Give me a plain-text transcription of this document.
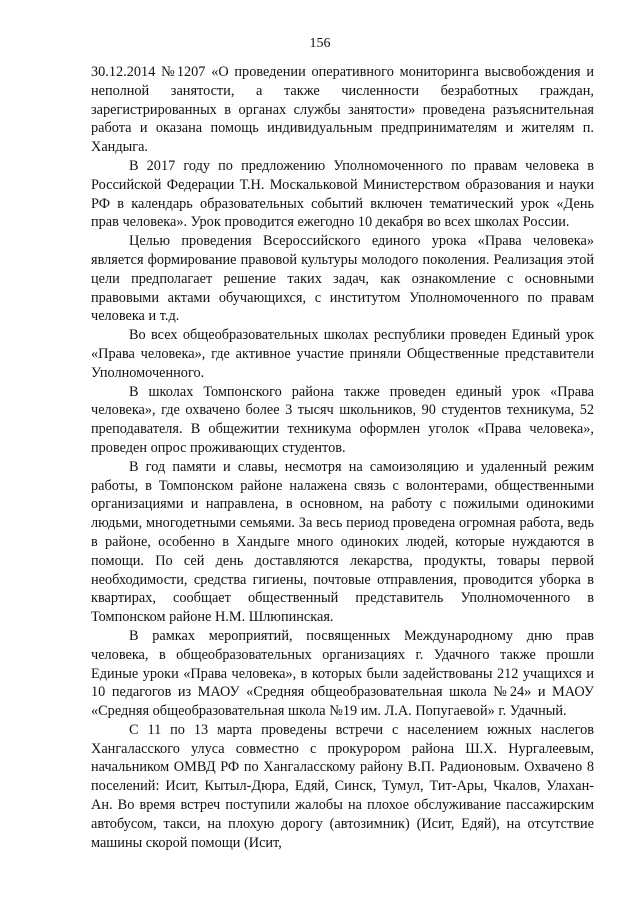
156

30.12.2014 №1207 «О проведении оперативного мониторинга высвобождения и неполной занятости, а также численности безработных граждан, зарегистрированных в органах службы занятости» проведена разъяснительная работа и оказана помощь индивидуальным предпринимателям и жителям п. Хандыга.

В 2017 году по предложению Уполномоченного по правам человека в Российской Федерации Т.Н. Москальковой Министерством образования и науки РФ в календарь образовательных событий включен тематический урок «День прав человека». Урок проводится ежегодно 10 декабря во всех школах России.

Целью проведения Всероссийского единого урока «Права человека» является формирование правовой культуры молодого поколения. Реализация этой цели предполагает решение таких задач, как ознакомление с основными правовыми актами обучающихся, с институтом Уполномоченного по правам человека и т.д.

Во всех общеобразовательных школах республики проведен Единый урок «Права человека», где активное участие приняли Общественные представители Уполномоченного.

В школах Томпонского района также проведен единый урок «Права человека», где охвачено более 3 тысяч школьников, 90 студентов техникума, 52 преподавателя. В общежитии техникума оформлен уголок «Права человека», проведен опрос проживающих студентов.

В год памяти и славы, несмотря на самоизоляцию и удаленный режим работы, в Томпонском районе налажена связь с волонтерами, общественными организациями и направлена, в основном, на работу с пожилыми одинокими людьми, многодетными семьями. За весь период проведена огромная работа, ведь в районе, особенно в Хандыге много одиноких людей, которые нуждаются в помощи. По сей день доставляются лекарства, продукты, товары первой необходимости, средства гигиены, почтовые отправления, проводится уборка в квартирах, сообщает общественный представитель Уполномоченного в Томпонском районе Н.М. Шлюпинская.

В рамках мероприятий, посвященных Международному дню прав человека, в общеобразовательных организациях г. Удачного также прошли Единые уроки «Права человека», в которых были задействованы 212 учащихся и 10 педагогов из МАОУ «Средняя общеобразовательная школа №24» и МАОУ «Средняя общеобразовательная школа №19 им. Л.А. Попугаевой» г. Удачный.

С 11 по 13 марта проведены встречи с населением южных наслегов Хангаласского улуса совместно с прокурором района Ш.Х. Нургалеевым, начальником ОМВД РФ по Хангаласскому району В.П. Радионовым. Охвачено 8 поселений: Исит, Кытыл-Дюра, Едяй, Синск, Тумул, Тит-Ары, Чкалов, Улахан-Ан. Во время встреч поступили жалобы на плохое обслуживание пассажирским автобусом, такси, на плохую дорогу (автозимник) (Исит, Едяй), на отсутствие машины скорой помощи (Исит,
